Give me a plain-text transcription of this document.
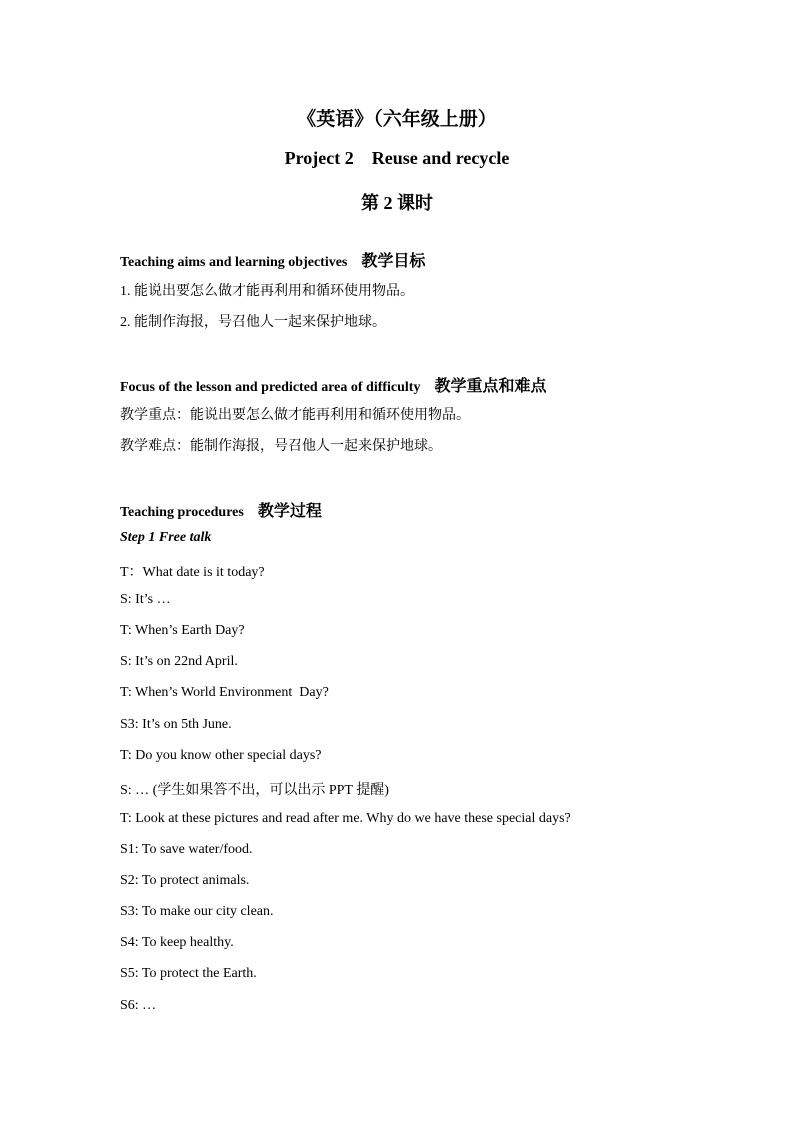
《英语》（六年级上册）
Project 2    Reuse and recycle
第 2 课时
Teaching aims and learning objectives 教学目标
1. 能说出要怎么做才能再利用和循环使用物品。
2. 能制作海报，号召他人一起来保护地球。
Focus of the lesson and predicted area of difficulty 教学重点和难点
教学重点：能说出要怎么做才能再利用和循环使用物品。
教学难点：能制作海报，号召他人一起来保护地球。
Teaching procedures 教学过程
Step 1 Free talk
T：What date is it today?
S: It’s …
T: When’s Earth Day?
S: It’s on 22nd April.
T: When’s World Environment  Day?
S3: It’s on 5th June.
T: Do you know other special days?
S: … (学生如果答不出，可以出示 PPT 提醒)
T: Look at these pictures and read after me. Why do we have these special days?
S1: To save water/food.
S2: To protect animals.
S3: To make our city clean.
S4: To keep healthy.
S5: To protect the Earth.
S6: …
